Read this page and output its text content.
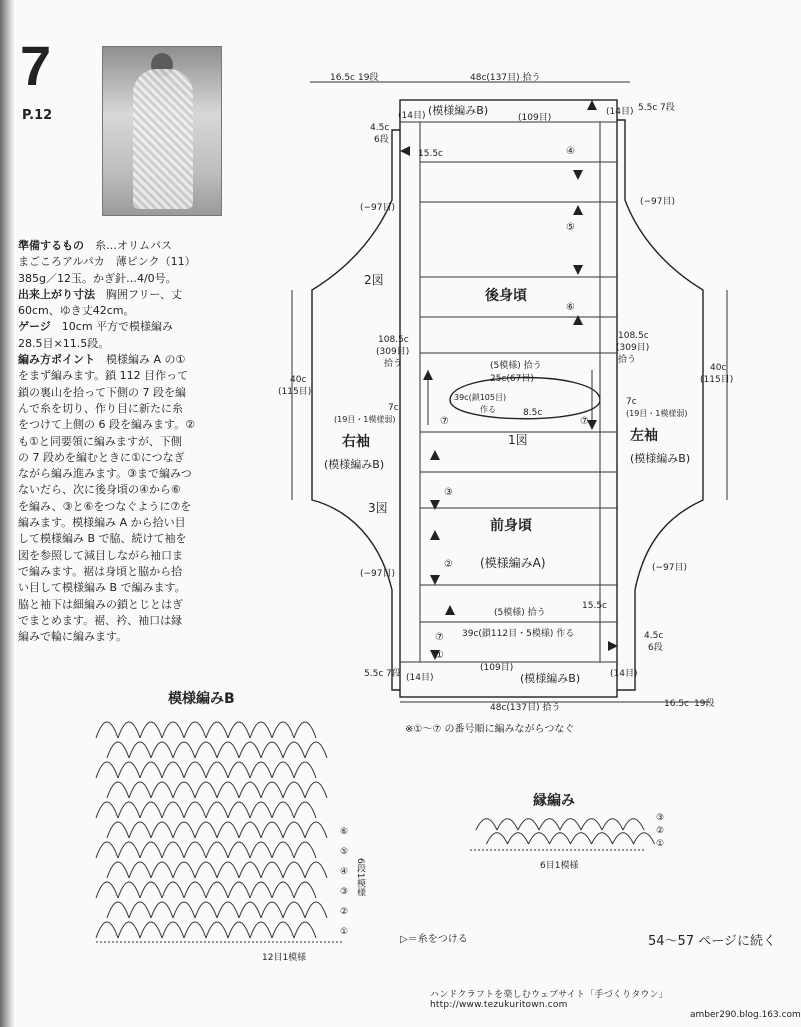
7
P.12

準備するもの　糸…オリムパス

まごころアルパカ　薄ピンク（11）

385g／12玉。かぎ針…4/0号。

出来上がり寸法　胸囲フリー、丈

60cm、ゆき丈42cm。

ゲージ　10cm 平方で模様編み

28.5目×11.5段。

編み方ポイント　模様編み A の①

をまず編みます。鎖 112 目作って

鎖の裏山を拾って下側の 7 段を編

んで糸を切り、作り目に新たに糸

をつけて上側の 6 段を編みます。②

も①と同要領に編みますが、下側

の 7 段めを編むときに①につなぎ

ながら編み進みます。③まで編みつ

ないだら、次に後身頃の④から⑥

を編み、③と⑥をつなぐように⑦を

編みます。模様編み A から拾い目

して模様編み B で脇、続けて袖を

図を参照して減目しながら袖口ま

で編みます。裾は身頃と脇から拾

い目して模様編み B で編みます。

脇と袖下は細編みの鎖とじとはぎ

でまとめます。裾、衿、袖口は縁

編みで輪に編みます。

48c(137目) 拾う
16.5c 19段
(模様編みB)
(109目)
(14目)	(14目) 5.5c 7段
4.5c
6段
15.5c
(−97目)
(−97目)
(−97目)
(−97目)
2図
1図
3図
後身頃
前身頃
(模様編みA)
右袖
(模様編みB)
左袖
(模様編みB)
108.5c
(309目)
拾う
108.5c
(309目)
拾う
40c
(115目)
40c
(115目)
(5模様) 拾う
25c(67目)
39c(鎖105目)
作る	8.5c
7c
(19目・1模様弱)
7c
(19目・1模様弱)
(5模様) 拾う
39c(鎖112目・5模様) 作る
15.5c
4.5c
6段
5.5c 7段 (14目)	(14目)
(109目)
(模様編みB)
48c(137目) 拾う	16.5c 19段
④
⑤
⑥
⑦	⑦
③
②
⑦
①
※①〜⑦ の番号順に編みながらつなぐ
模様編みB
⑥
⑤
④
③
②
①
6段1模様
12目1模様
縁編み
③
②
①
6目1模様
▷＝糸をつける	54〜57 ページに続く
ハンドクラフトを楽しむウェブサイト「手づくりタウン」 http://www.tezukuritown.com
amber290.blog.163.com
